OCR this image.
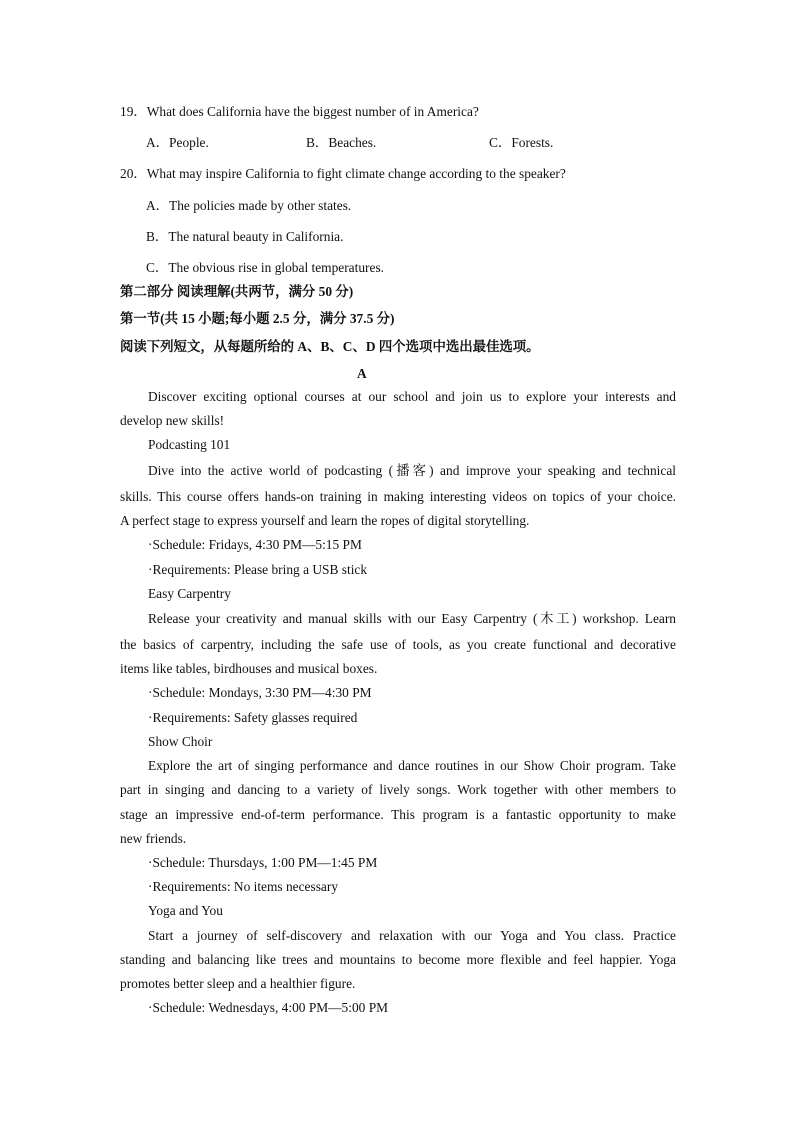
19．What does California have the biggest number of in America?
A．People.	B．Beaches.	C．Forests.
20．What may inspire California to fight climate change according to the speaker?
A．The policies made by other states.
B．The natural beauty in California.
C．The obvious rise in global temperatures.
第二部分 阅读理解(共两节，满分 50 分)
第一节(共 15 小题;每小题 2.5 分，满分 37.5 分)
阅读下列短文，从每题所给的 A、B、C、D 四个选项中选出最佳选项。
A
Discover exciting optional courses at our school and join us to explore your interests and
develop new skills!
Podcasting 101
Dive into the active world of podcasting (播客) and improve your speaking and technical
skills. This course offers hands-on training in making interesting videos on topics of your choice.
A perfect stage to express yourself and learn the ropes of digital storytelling.
·Schedule: Fridays, 4:30 PM—5:15 PM
·Requirements: Please bring a USB stick
Easy Carpentry
Release your creativity and manual skills with our Easy Carpentry (木工) workshop. Learn
the basics of carpentry, including the safe use of tools, as you create functional and decorative
items like tables, birdhouses and musical boxes.
·Schedule: Mondays, 3:30 PM—4:30 PM
·Requirements: Safety glasses required
Show Choir
Explore the art of singing performance and dance routines in our Show Choir program. Take
part in singing and dancing to a variety of lively songs. Work together with other members to
stage an impressive end-of-term performance. This program is a fantastic opportunity to make
new friends.
·Schedule: Thursdays, 1:00 PM—1:45 PM
·Requirements: No items necessary
Yoga and You
Start a journey of self-discovery and relaxation with our Yoga and You class. Practice
standing and balancing like trees and mountains to become more flexible and feel happier. Yoga
promotes better sleep and a healthier figure.
·Schedule: Wednesdays, 4:00 PM—5:00 PM
